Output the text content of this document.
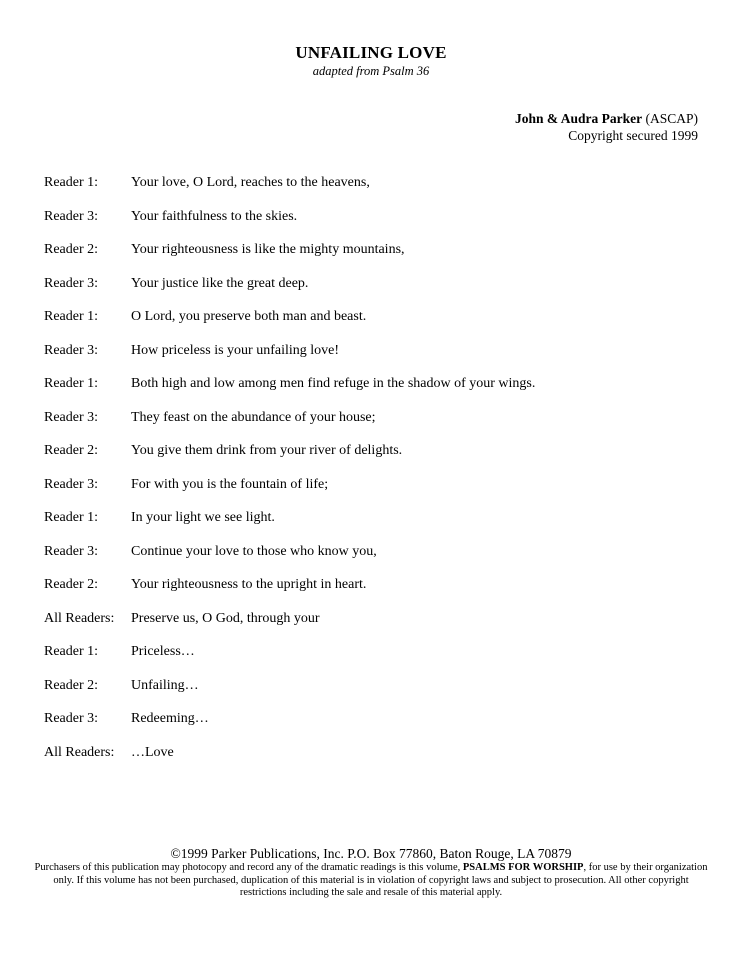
UNFAILING LOVE
adapted from Psalm 36
John & Audra Parker (ASCAP)
Copyright secured 1999
Reader 1:	Your love, O Lord, reaches to the heavens,
Reader 3:	Your faithfulness to the skies.
Reader 2:	Your righteousness is like the mighty mountains,
Reader 3:	Your justice like the great deep.
Reader 1:	O Lord, you preserve both man and beast.
Reader 3:	How priceless is your unfailing love!
Reader 1:	Both high and low among men find refuge in the shadow of your wings.
Reader 3:	They feast on the abundance of your house;
Reader 2:	You give them drink from your river of delights.
Reader 3:	For with you is the fountain of life;
Reader 1:	In your light we see light.
Reader 3:	Continue your love to those who know you,
Reader 2:	Your righteousness to the upright in heart.
All Readers:	Preserve us, O God, through your
Reader 1:	Priceless…
Reader 2:	Unfailing…
Reader 3:	Redeeming…
All Readers:	…Love
©1999 Parker Publications, Inc. P.O. Box 77860, Baton Rouge, LA 70879
Purchasers of this publication may photocopy and record any of the dramatic readings is this volume, PSALMS FOR WORSHIP, for use by their organization only. If this volume has not been purchased, duplication of this material is in violation of copyright laws and subject to prosecution. All other copyright restrictions including the sale and resale of this material apply.
